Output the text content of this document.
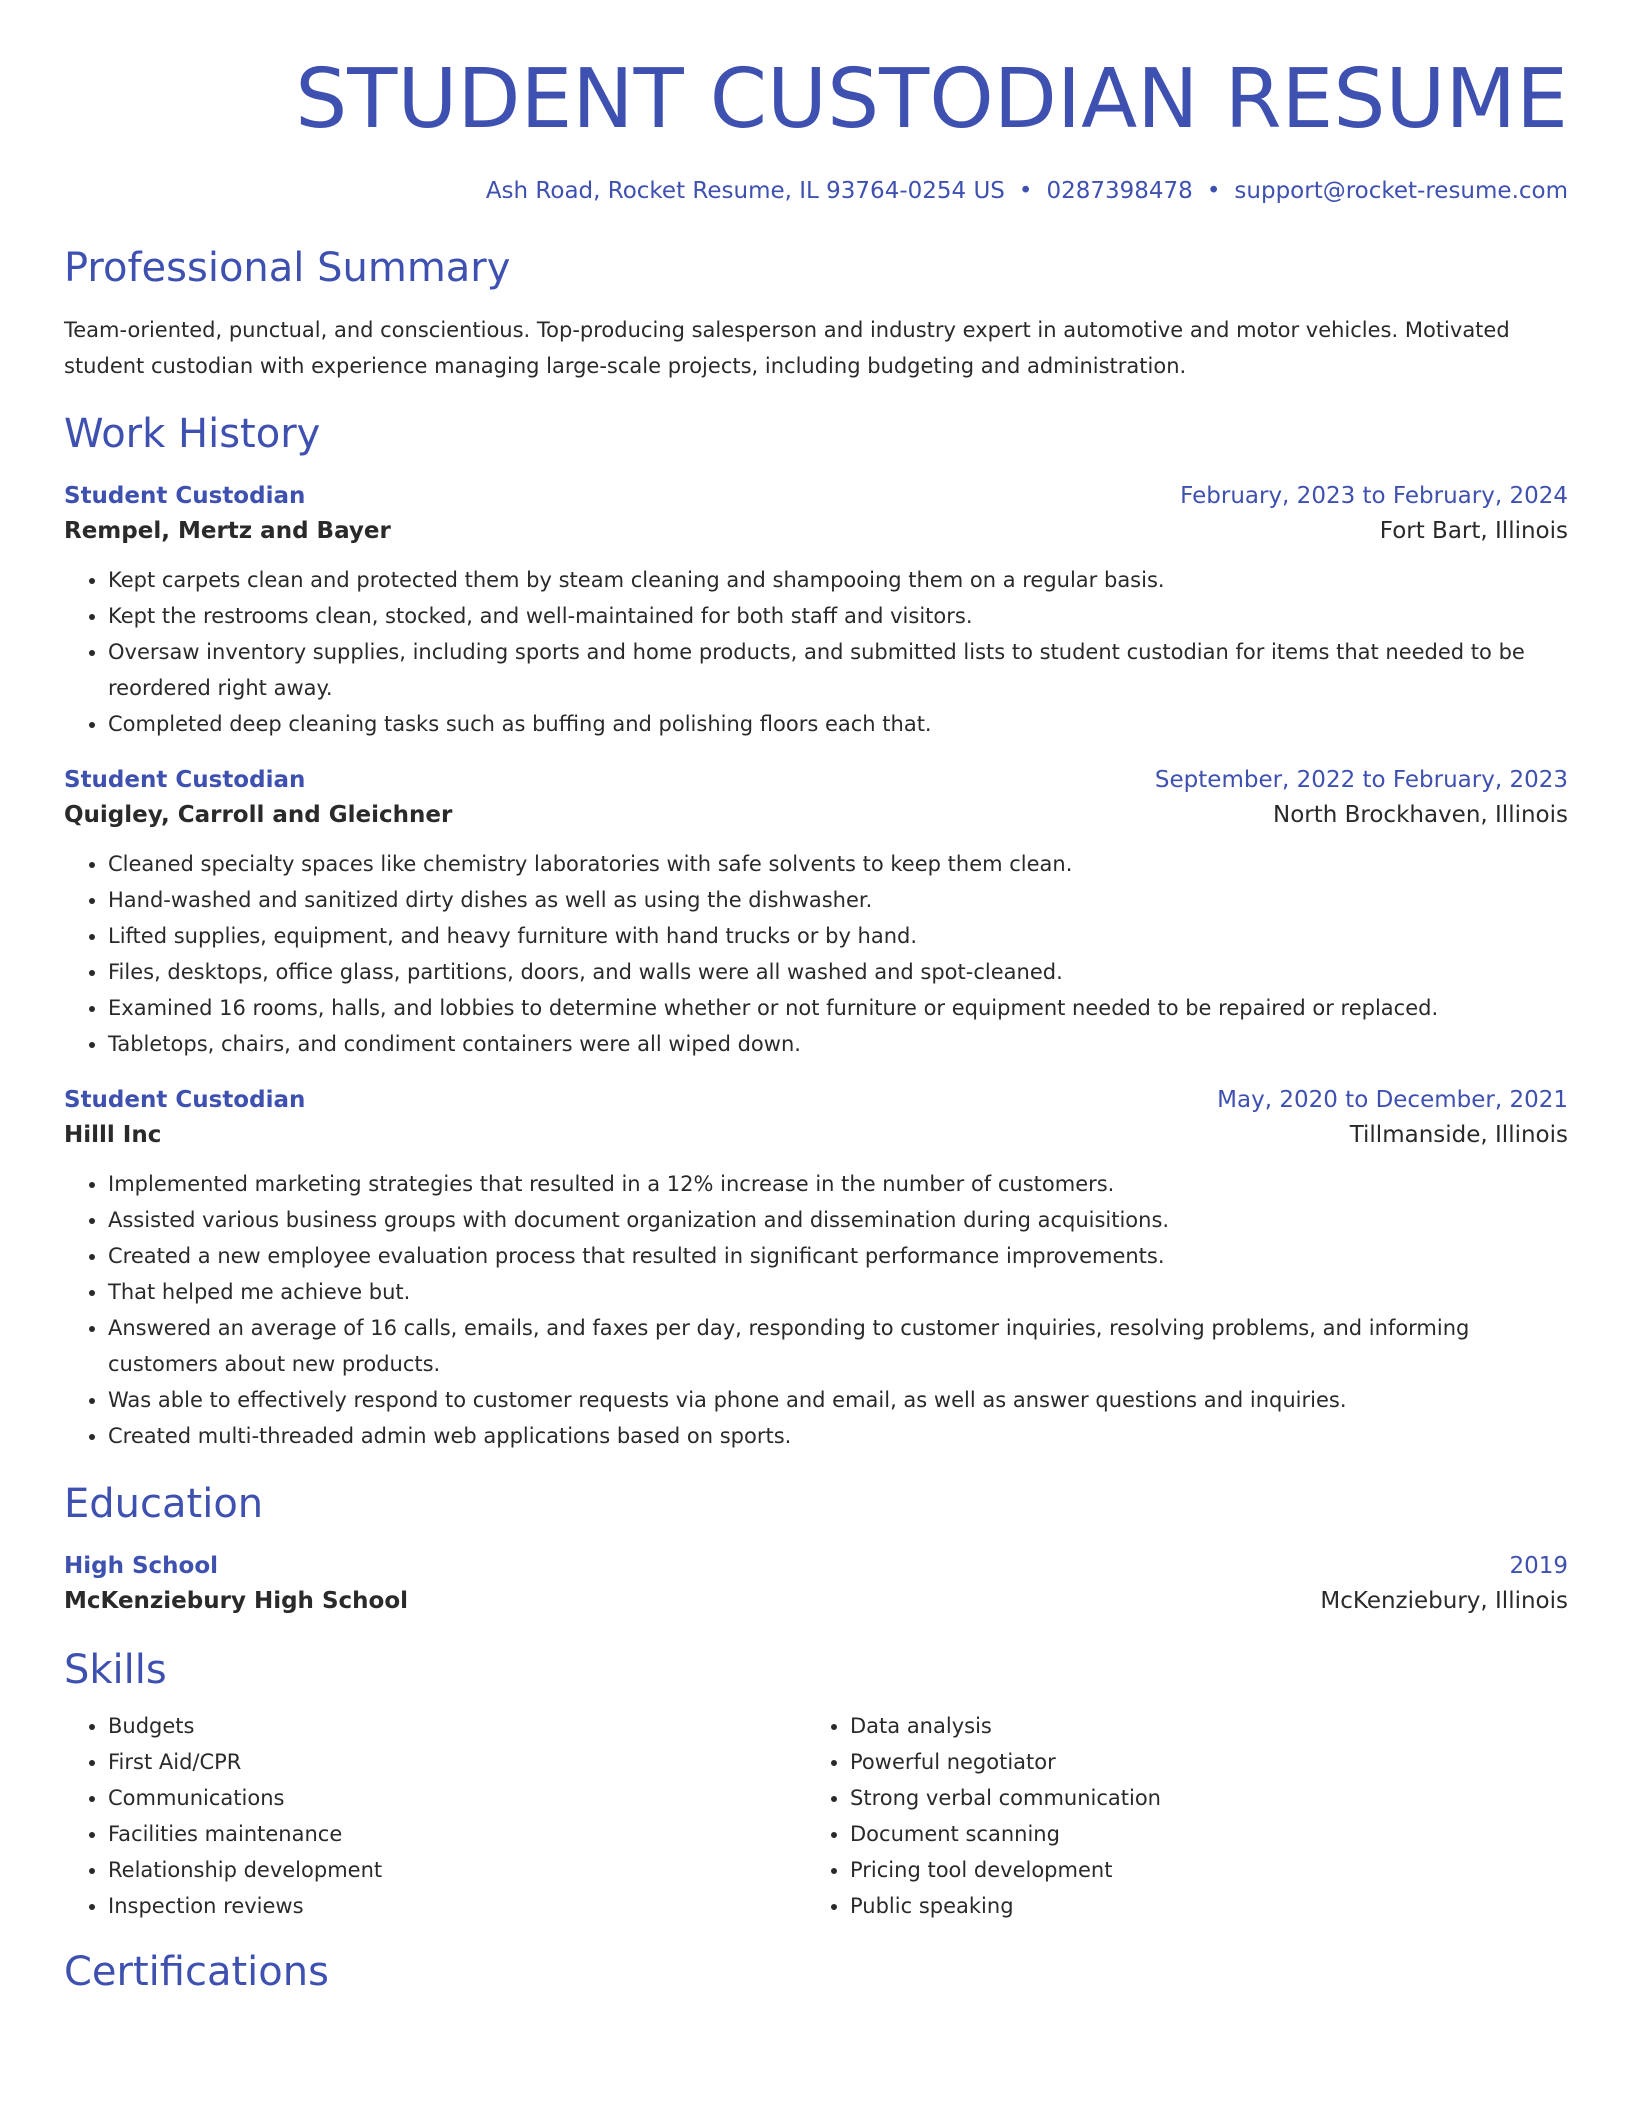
STUDENT CUSTODIAN RESUME
Ash Road, Rocket Resume, IL 93764-0254 US • 0287398478 • support@rocket-resume.com
Professional Summary
Team-oriented, punctual, and conscientious. Top-producing salesperson and industry expert in automotive and motor vehicles. Motivated student custodian with experience managing large-scale projects, including budgeting and administration.
Work History
Student Custodian	February, 2023 to February, 2024
Rempel, Mertz and Bayer	Fort Bart, Illinois
• Kept carpets clean and protected them by steam cleaning and shampooing them on a regular basis.
• Kept the restrooms clean, stocked, and well-maintained for both staff and visitors.
• Oversaw inventory supplies, including sports and home products, and submitted lists to student custodian for items that needed to be reordered right away.
• Completed deep cleaning tasks such as buffing and polishing floors each that.
Student Custodian	September, 2022 to February, 2023
Quigley, Carroll and Gleichner	North Brockhaven, Illinois
• Cleaned specialty spaces like chemistry laboratories with safe solvents to keep them clean.
• Hand-washed and sanitized dirty dishes as well as using the dishwasher.
• Lifted supplies, equipment, and heavy furniture with hand trucks or by hand.
• Files, desktops, office glass, partitions, doors, and walls were all washed and spot-cleaned.
• Examined 16 rooms, halls, and lobbies to determine whether or not furniture or equipment needed to be repaired or replaced.
• Tabletops, chairs, and condiment containers were all wiped down.
Student Custodian	May, 2020 to December, 2021
Hilll Inc	Tillmanside, Illinois
• Implemented marketing strategies that resulted in a 12% increase in the number of customers.
• Assisted various business groups with document organization and dissemination during acquisitions.
• Created a new employee evaluation process that resulted in significant performance improvements.
• That helped me achieve but.
• Answered an average of 16 calls, emails, and faxes per day, responding to customer inquiries, resolving problems, and informing customers about new products.
• Was able to effectively respond to customer requests via phone and email, as well as answer questions and inquiries.
• Created multi-threaded admin web applications based on sports.
Education
High School	2019
McKenziebury High School	McKenziebury, Illinois
Skills
• Budgets
• First Aid/CPR
• Communications
• Facilities maintenance
• Relationship development
• Inspection reviews
• Data analysis
• Powerful negotiator
• Strong verbal communication
• Document scanning
• Pricing tool development
• Public speaking
Certifications
